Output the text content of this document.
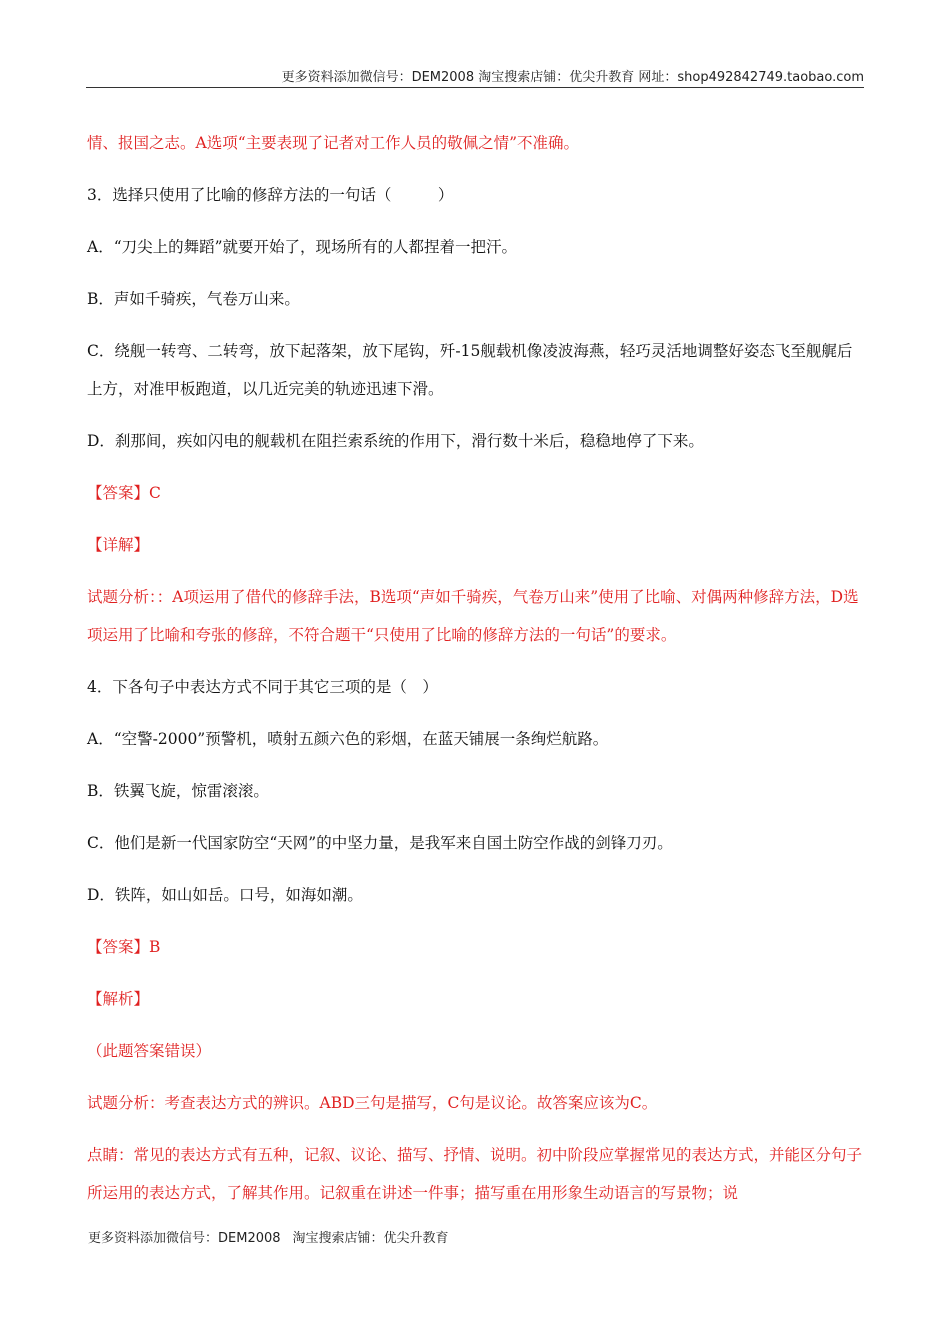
更多资料添加微信号：DEM2008 淘宝搜索店铺：优尖升教育 网址：shop492842749.taobao.com

情、报国之志。A选项“主要表现了记者对工作人员的敬佩之情”不准确。

3．选择只使用了比喻的修辞方法的一句话（　　　）

A．“刀尖上的舞蹈”就要开始了，现场所有的人都捏着一把汗。

B．声如千骑疾，气卷万山来。

C．绕舰一转弯、二转弯，放下起落架，放下尾钩，歼-15舰载机像凌波海燕，轻巧灵活地调整好姿态飞至舰艉后上方，对准甲板跑道，以几近完美的轨迹迅速下滑。

D．刹那间，疾如闪电的舰载机在阻拦索系统的作用下，滑行数十米后，稳稳地停了下来。

【答案】C

【详解】

试题分析：：A项运用了借代的修辞手法，B选项“声如千骑疾，气卷万山来”使用了比喻、对偶两种修辞方法，D选项运用了比喻和夸张的修辞，不符合题干“只使用了比喻的修辞方法的一句话”的要求。

4．下各句子中表达方式不同于其它三项的是（　）

A．“空警-2000”预警机，喷射五颜六色的彩烟，在蓝天铺展一条绚烂航路。

B．铁翼飞旋，惊雷滚滚。

C．他们是新一代国家防空“天网”的中坚力量，是我军来自国土防空作战的剑锋刀刃。

D．铁阵，如山如岳。口号，如海如潮。

【答案】B

【解析】

（此题答案错误）

试题分析：考查表达方式的辨识。ABD三句是描写，C句是议论。故答案应该为C。

点睛：常见的表达方式有五种，记叙、议论、描写、抒情、说明。初中阶段应掌握常见的表达方式，并能区分句子所运用的表达方式，了解其作用。记叙重在讲述一件事；描写重在用形象生动语言的写景物；说

更多资料添加微信号：DEM2008 淘宝搜索店铺：优尖升教育
